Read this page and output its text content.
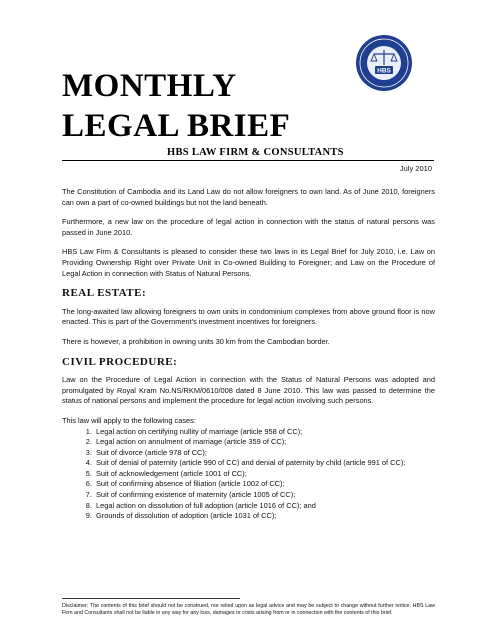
HBS
MONTHLY
LEGAL BRIEF
HBS LAW FIRM & CONSULTANTS
July 2010

The Constitution of Cambodia and its Land Law do not allow foreigners to own land. As of June 2010, foreigners can own a part of co-owned buildings but not the land beneath.

Furthermore, a new law on the procedure of legal action in connection with the status of natural persons was passed in June 2010.

HBS Law Firm & Consultants is pleased to consider these two laws in its Legal Brief for July 2010, i.e. Law on Providing Ownership Right over Private Unit in Co-owned Building to Foreigner; and Law on the Procedure of Legal Action in connection with Status of Natural Persons.

REAL ESTATE:

The long-awaited law allowing foreigners to own units in condominium complexes from above ground floor is now enacted. This is part of the Government's investment incentives for foreigners.

There is however, a prohibition in owning units 30 km from the Cambodian border.

CIVIL PROCEDURE:

Law on the Procedure of Legal Action in connection with the Status of Natural Persons was adopted and promulgated by Royal Kram No.NS/RKM/0610/008 dated 8 June 2010. This law was passed to determine the status of national persons and implement the procedure for legal action involving such persons.

This law will apply to the following cases:

1. Legal action on certifying nullity of marriage (article 958 of CC);
2. Legal action on annulment of marriage (article 359 of CC);
3. Suit of divorce (article 978 of CC);
4. Suit of denial of paternity (article 990 of CC) and denial of paternity by child (article 991 of CC);
5. Suit of acknowledgement (article 1001 of CC);
6. Suit of confirming absence of filiation (article 1002 of CC);
7. Suit of confirming existence of maternity (article 1005 of CC);
8. Legal action on dissolution of full adoption (article 1016 of CC); and
9. Grounds of dissolution of adoption (article 1031 of CC);
Disclaimer: The contents of this brief should not be construed, nor relied upon as legal advice and may be subject to change without further notice. HBS Law Firm and Consultants shall not be liable in any way for any loss, damages or costs arising from or in connection with the contents of this brief.
